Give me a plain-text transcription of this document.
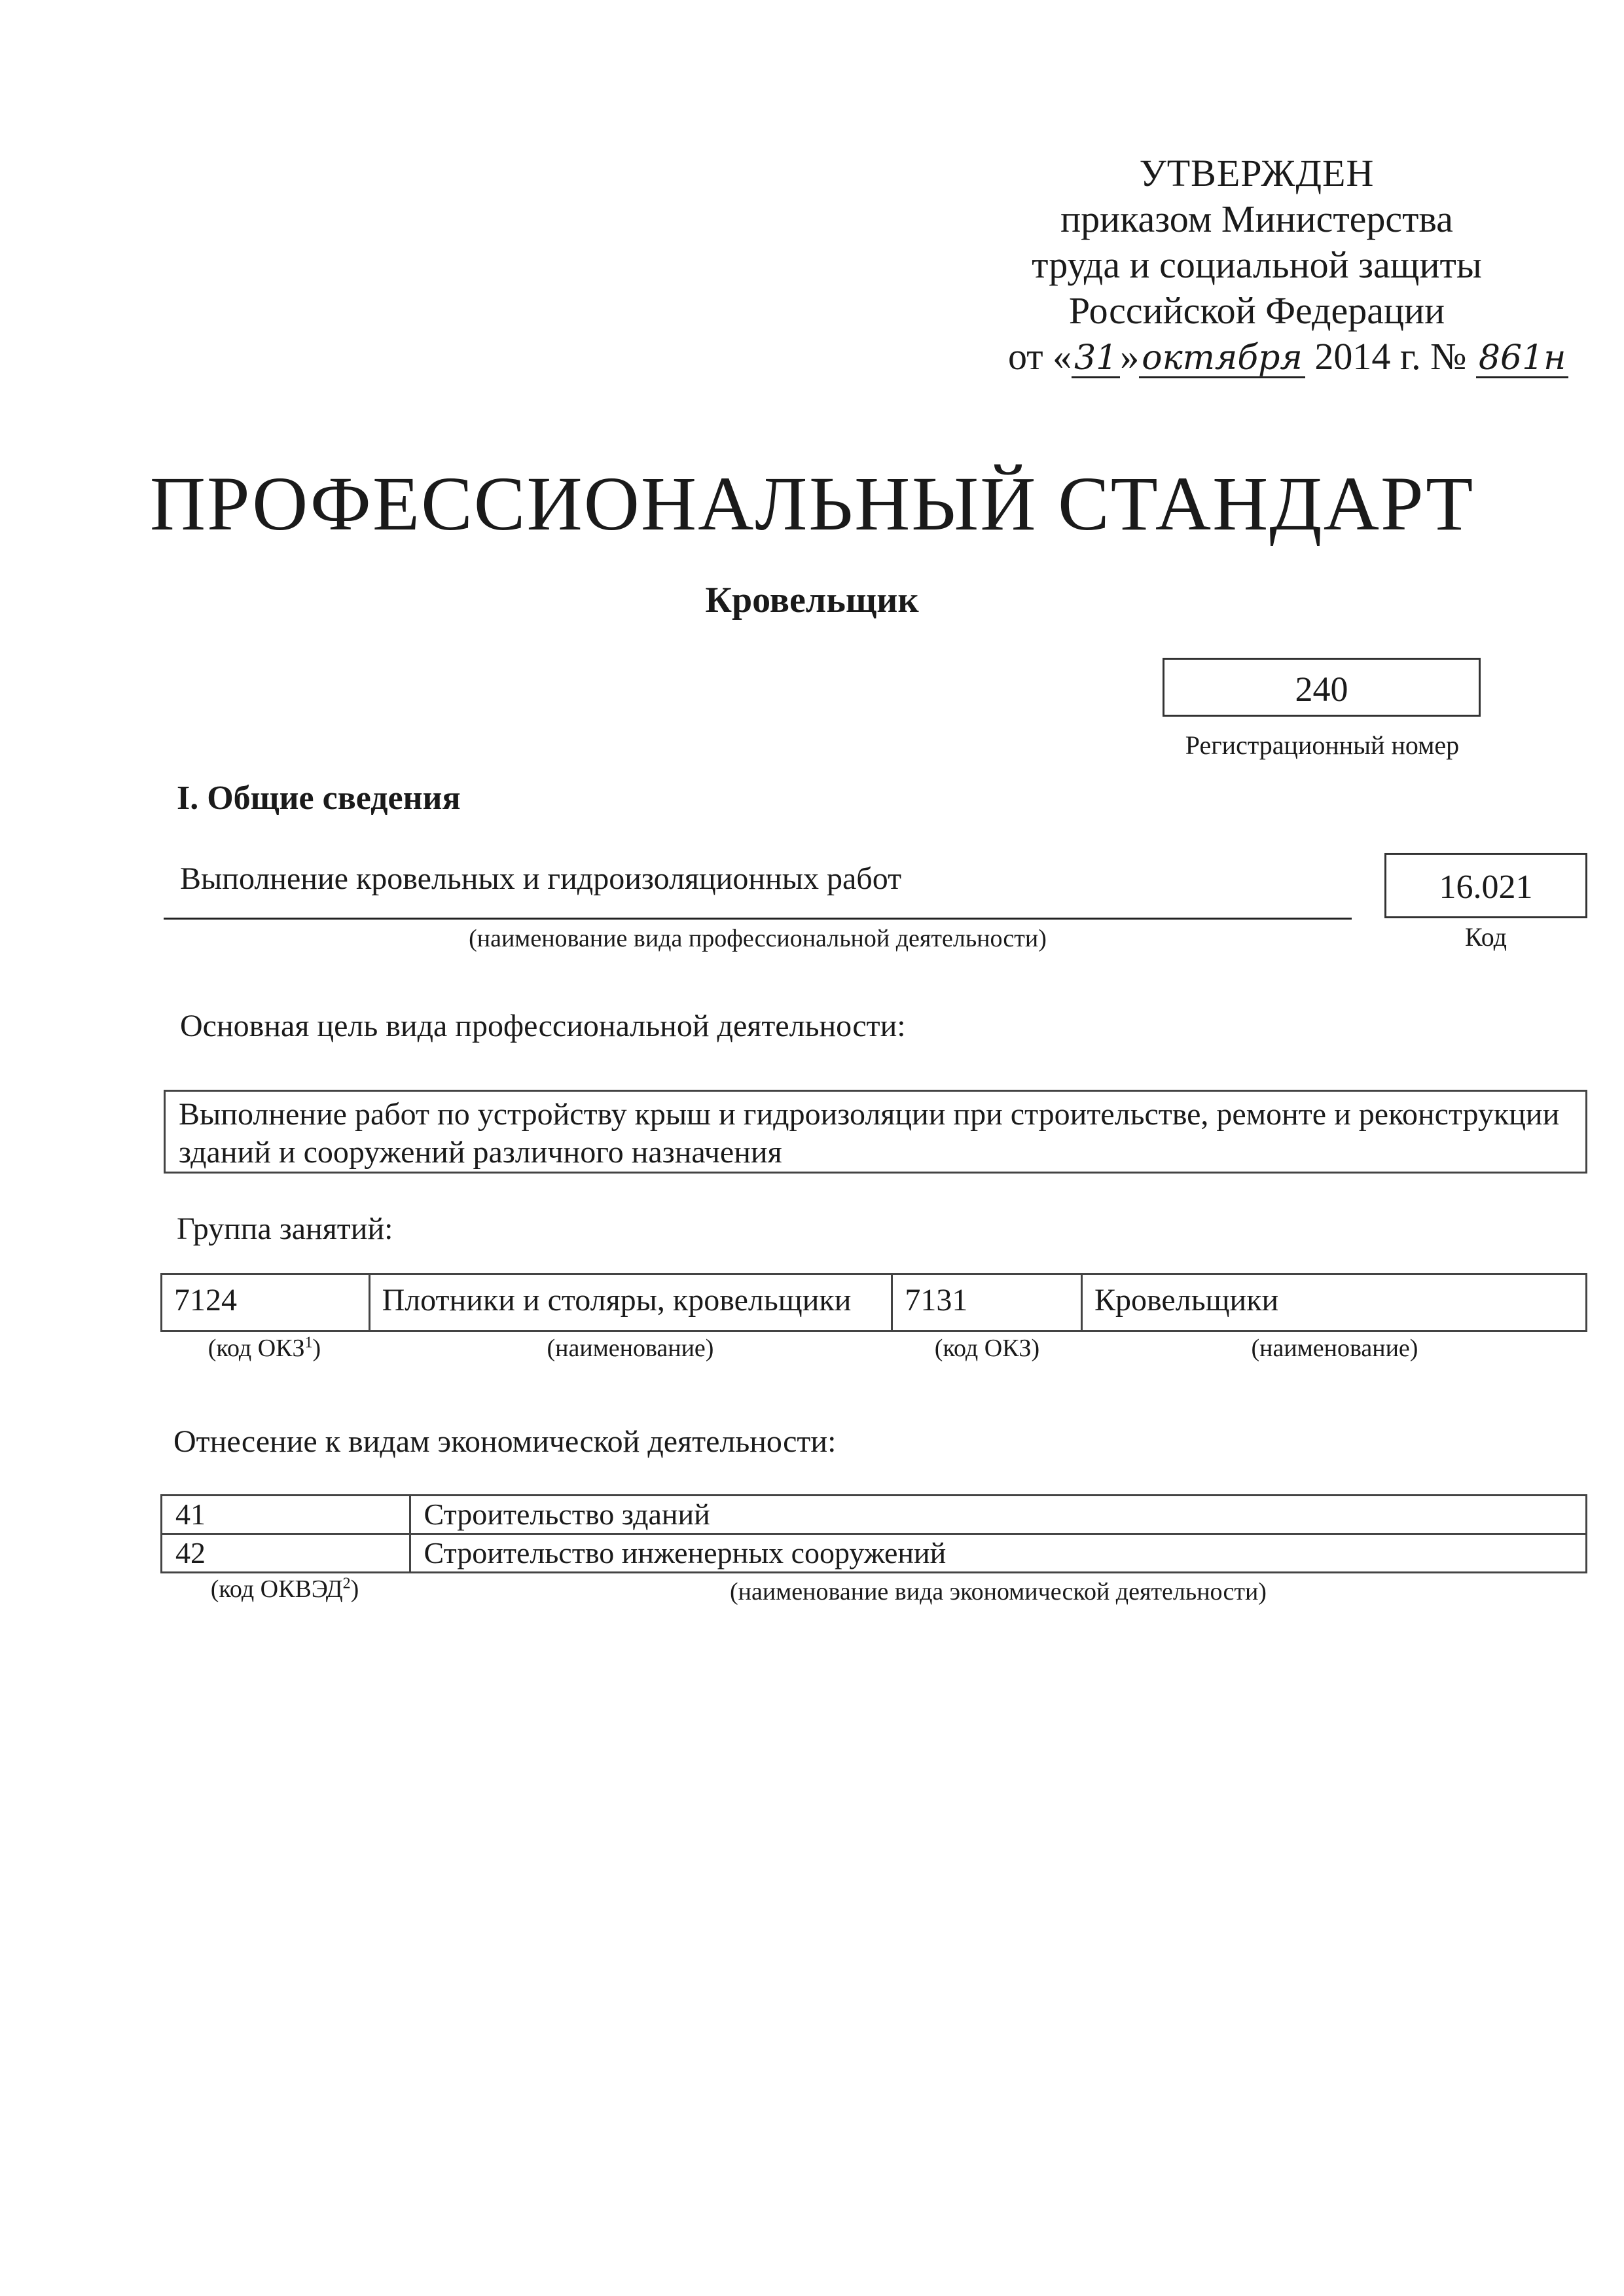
УТВЕРЖДЕН
приказом Министерства
труда и социальной защиты
Российской Федерации
от «31»октября 2014 г. № 861н
ПРОФЕССИОНАЛЬНЫЙ СТАНДАРТ
Кровельщик
240
Регистрационный номер
I. Общие сведения
Выполнение кровельных и гидроизоляционных работ
(наименование вида профессиональной деятельности)
16.021
Код
Основная цель вида профессиональной деятельности:
Выполнение работ по устройству крыш и гидроизоляции при строительстве, ремонте и реконструкции зданий и сооружений различного назначения
Группа занятий:
7124	Плотники и столяры, кровельщики	7131	Кровельщики
(код ОКЗ$^1$)	(наименование)	(код ОКЗ)	(наименование)
Отнесение к видам экономической деятельности:
41	Строительство зданий
42	Строительство инженерных сооружений
(код ОКВЭД$^2$)	(наименование вида экономической деятельности)
